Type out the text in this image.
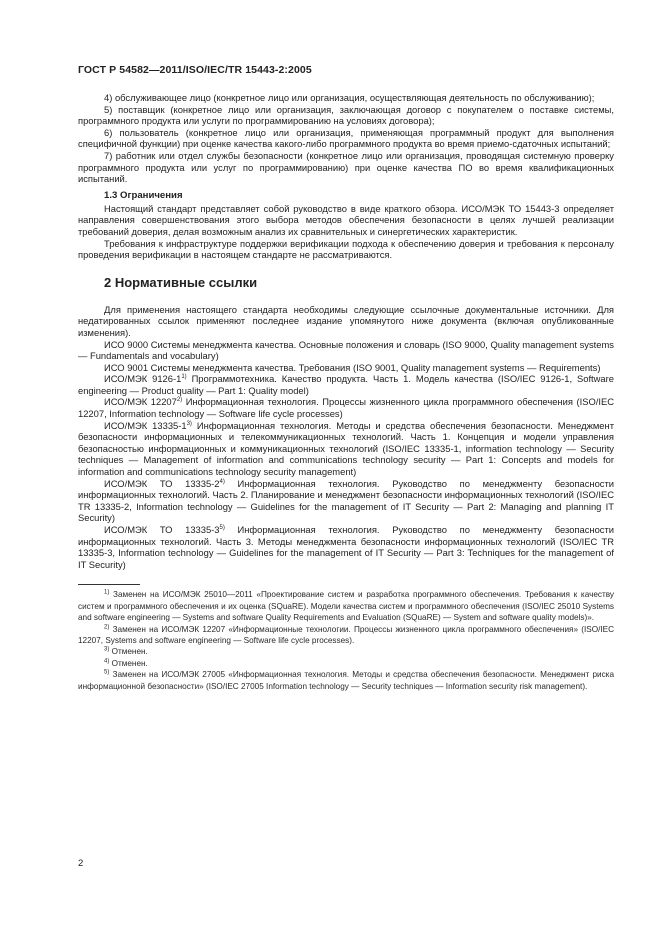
ГОСТ Р 54582—2011/ISO/IEC/TR 15443-2:2005

4) обслуживающее лицо (конкретное лицо или организация, осуществляющая деятельность по обслуживанию);

5) поставщик (конкретное лицо или организация, заключающая договор с покупателем о поставке системы, программного продукта или услуги по программированию на условиях договора);

6) пользователь (конкретное лицо или организация, применяющая программный продукт для выполнения специфичной функции) при оценке качества какого-либо программного продукта во время приемо-сдаточных испытаний;

7) работник или отдел службы безопасности (конкретное лицо или организация, проводящая системную проверку программного продукта или услуг по программированию) при оценке качества ПО во время квалификационных испытаний.

1.3 Ограничения

Настоящий стандарт представляет собой руководство в виде краткого обзора. ИСО/МЭК ТО 15443-3 определяет направления совершенствования этого выбора методов обеспечения безопасности в целях лучшей реализации требований доверия, делая возможным анализ их сравнительных и синергетических характеристик.

Требования к инфраструктуре поддержки верификации подхода к обеспечению доверия и требования к персоналу проведения верификации в настоящем стандарте не рассматриваются.

2 Нормативные ссылки

Для применения настоящего стандарта необходимы следующие ссылочные документальные источники. Для недатированных ссылок применяют последнее издание упомянутого ниже документа (включая опубликованные изменения).

ИСО 9000 Системы менеджмента качества. Основные положения и словарь (ISO 9000, Quality management systems — Fundamentals and vocabulary)

ИСО 9001 Системы менеджмента качества. Требования (ISO 9001, Quality management systems — Requirements)

ИСО/МЭК 9126-1$^{1)}$ Программотехника. Качество продукта. Часть 1. Модель качества (ISO/IEC 9126-1, Software engineering — Product quality — Part 1: Quality model)

ИСО/МЭК 12207$^{2)}$ Информационная технология. Процессы жизненного цикла программного обеспечения (ISO/IEC 12207, Information technology — Software life cycle processes)

ИСО/МЭК 13335-1$^{3)}$ Информационная технология. Методы и средства обеспечения безопасности. Менеджмент безопасности информационных и телекоммуникационных технологий. Часть 1. Концепция и модели управления безопасностью информационных и коммуникационных технологий (ISO/IEC 13335-1, information technology — Security techniques — Management of information and communications technology security — Part 1: Concepts and models for information and communications technology security management)

ИСО/МЭК ТО 13335-2$^{4)}$ Информационная технология. Руководство по менеджменту безопасности информационных технологий. Часть 2. Планирование и менеджмент безопасности информационных технологий (ISO/IEC TR 13335-2, Information technology — Guidelines for the management of IT Security — Part 2: Managing and planning IT Security)

ИСО/МЭК ТО 13335-3$^{5)}$ Информационная технология. Руководство по менеджменту безопасности информационных технологий. Часть 3. Методы менеджмента безопасности информационных технологий (ISO/IEC TR 13335-3, Information technology — Guidelines for the management of IT Security — Part 3: Techniques for the management of IT Security)

$^{1)}$ Заменен на ИСО/МЭК 25010—2011 «Проектирование систем и разработка программного обеспечения. Требования к качеству систем и программного обеспечения и их оценка (SQuaRE). Модели качества систем и программного обеспечения (ISO/IEC 25010 Systems and software engineering — Systems and software Quality Requirements and Evaluation (SQuaRE) — System and software quality models)».

$^{2)}$ Заменен на ИСО/МЭК 12207 «Информационные технологии. Процессы жизненного цикла программного обеспечения» (ISO/IEC 12207, Systems and software engineering — Software life cycle processes).

$^{3)}$ Отменен.

$^{4)}$ Отменен.

$^{5)}$ Заменен на ИСО/МЭК 27005 «Информационная технология. Методы и средства обеспечения безопасности. Менеджмент риска информационной безопасности» (ISO/IEC 27005 Information technology — Security techniques — Information security risk management).

2
